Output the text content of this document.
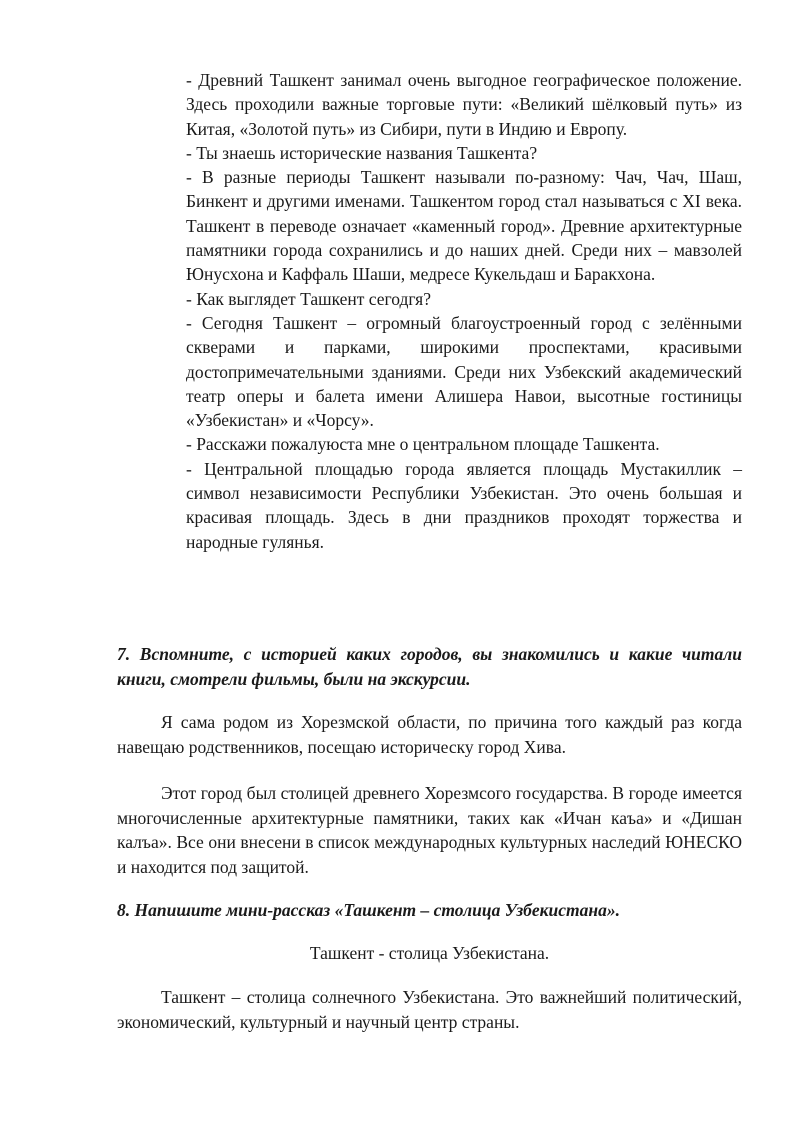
- Древний Ташкент занимал очень выгодное географическое положение. Здесь проходили важные торговые пути: «Великий шёлковый путь» из Китая, «Золотой путь» из Сибири, пути в Индию и Европу.

- Ты знаешь исторические названия Ташкента?

- В разные периоды Ташкент называли по-разному: Чач, Чач, Шаш, Бинкент и другими именами. Ташкентом город стал называться с XI века. Ташкент в переводе означает «каменный город». Древние архитектурные памятники города сохранились и до наших дней. Среди них – мавзолей Юнусхона и Каффаль Шаши, медресе Кукельдаш и Баракхона.

- Как выглядет Ташкент сегодгя?

- Сегодня Ташкент – огромный благоустроенный город с зелёнными скверами и парками, широкими проспектами, красивыми достопримечательными зданиями. Среди них Узбекский академический театр оперы и балета имени Алишера Навои, высотные гостиницы «Узбекистан» и «Чорсу».

- Расскажи пожалуюста мне о центральном площаде Ташкента.

- Центральной площадью города является площадь Мустакиллик – символ независимости Республики Узбекистан. Это очень большая и красивая площадь. Здесь в дни праздников проходят торжества и народные гулянья.

7. Вспомните, с историей каких городов, вы знакомились и какие читали книги, смотрели фильмы, были на экскурсии.

Я сама родом из Хорезмской области, по причина того каждый раз когда навещаю родственников, посещаю историческу город Хива.

Этот город был столицей древнего Хорезмсого государства. В городе имеется многочисленные архитектурные памятники, таких как «Ичан каъа» и «Дишан калъа». Все они внесени в список международных культурных наследий ЮНЕСКО и находится под защитой.

8. Напишите мини-рассказ «Ташкент – столица Узбекистана».

Ташкент - столица Узбекистана.

Ташкент – столица солнечного Узбекистана. Это важнейший политический, экономический, культурный и научный центр страны.
